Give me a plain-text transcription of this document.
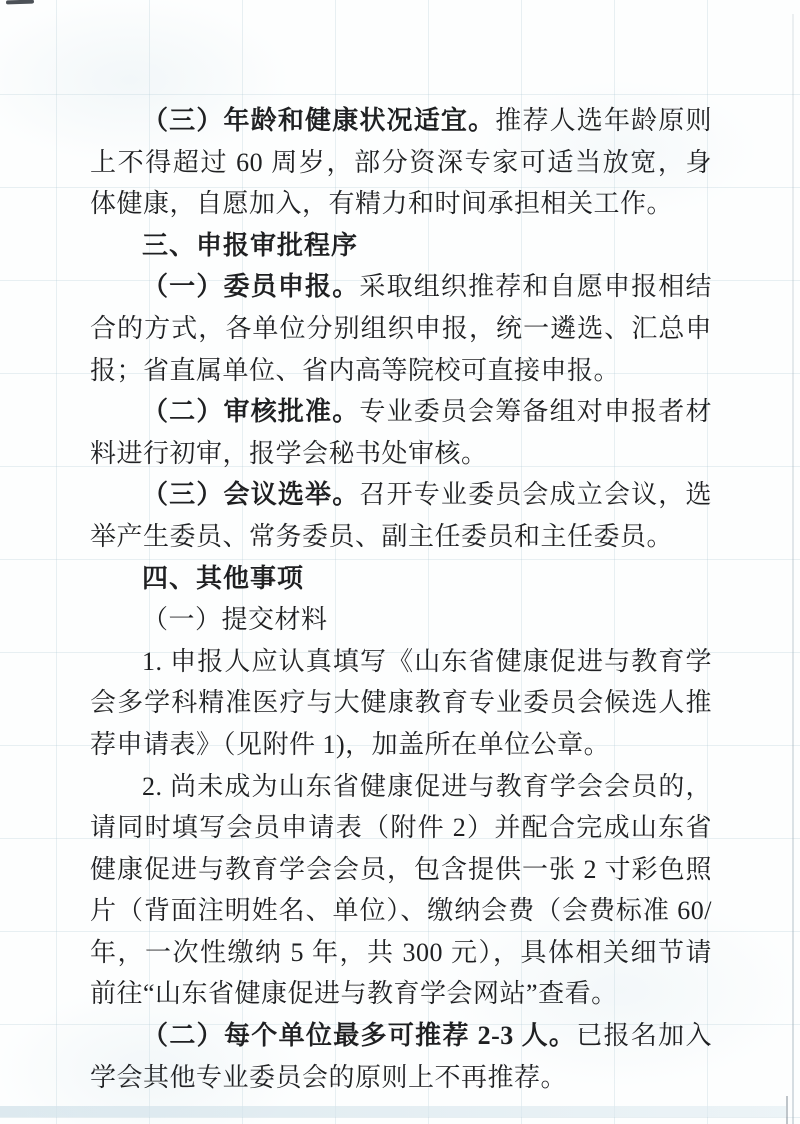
（三）年龄和健康状况适宜。推荐人选年龄原则上不得超过 60 周岁，部分资深专家可适当放宽，身体健康，自愿加入，有精力和时间承担相关工作。

三、申报审批程序

（一）委员申报。采取组织推荐和自愿申报相结合的方式，各单位分别组织申报，统一遴选、汇总申报；省直属单位、省内高等院校可直接申报。

（二）审核批准。专业委员会筹备组对申报者材料进行初审，报学会秘书处审核。

（三）会议选举。召开专业委员会成立会议，选举产生委员、常务委员、副主任委员和主任委员。

四、其他事项

（一）提交材料

1. 申报人应认真填写《山东省健康促进与教育学会多学科精准医疗与大健康教育专业委员会候选人推荐申请表》（见附件 1)，加盖所在单位公章。

2. 尚未成为山东省健康促进与教育学会会员的，请同时填写会员申请表（附件 2）并配合完成山东省健康促进与教育学会会员，包含提供一张 2 寸彩色照片（背面注明姓名、单位）、缴纳会费（会费标准 60/年，一次性缴纳 5 年，共 300 元），具体相关细节请前往“山东省健康促进与教育学会网站”查看。

（二）每个单位最多可推荐 2-3 人。已报名加入学会其他专业委员会的原则上不再推荐。
